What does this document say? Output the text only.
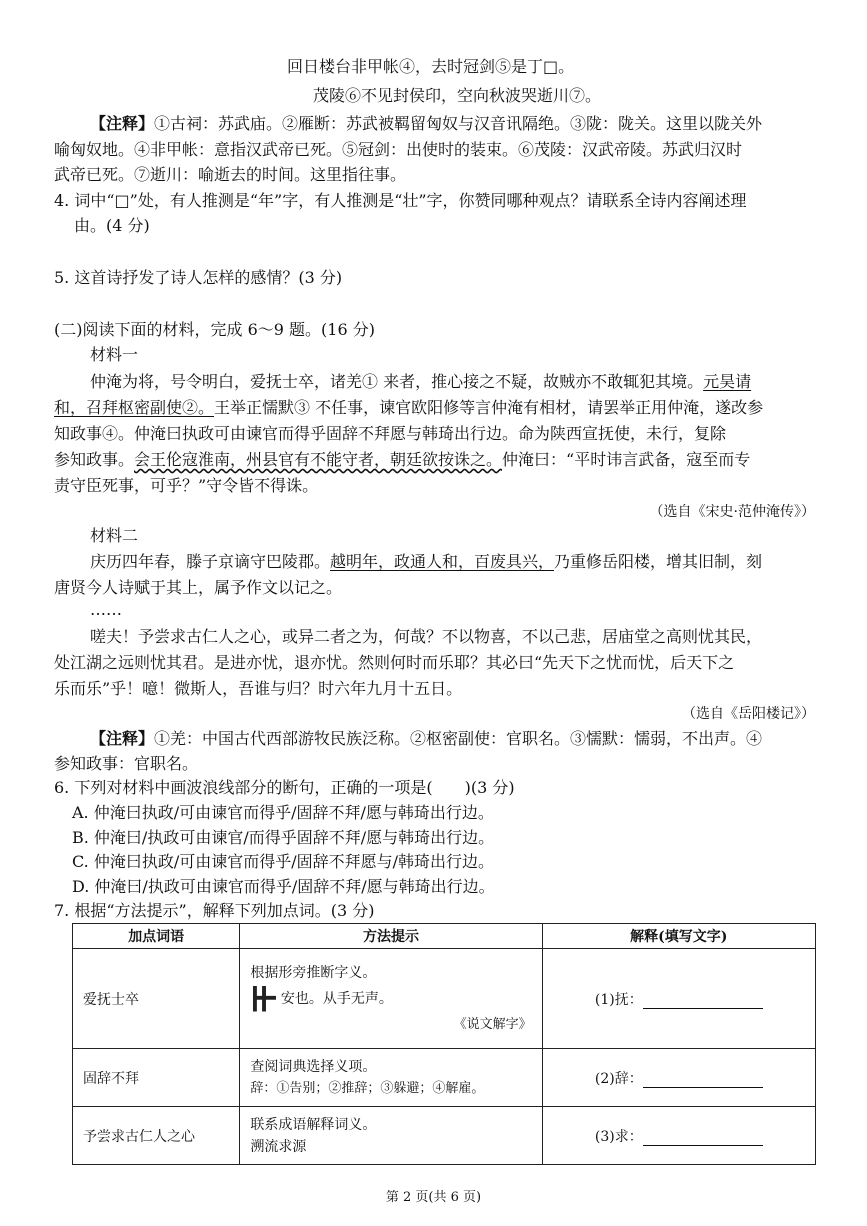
回日楼台非甲帐④，去时冠剑⑤是丁□。
茂陵⑥不见封侯印，空向秋波哭逝川⑦。
【注释】①古祠：苏武庙。②雁断：苏武被羁留匈奴与汉音讯隔绝。③陇：陇关。这里以陇关外
喻匈奴地。④非甲帐：意指汉武帝已死。⑤冠剑：出使时的装束。⑥茂陵：汉武帝陵。苏武归汉时
武帝已死。⑦逝川：喻逝去的时间。这里指往事。
4. 词中“□”处，有人推测是“年”字，有人推测是“壮”字，你赞同哪种观点？请联系全诗内容阐述理
由。(4 分)
5. 这首诗抒发了诗人怎样的感情？(3 分)
(二)阅读下面的材料，完成 6～9 题。(16 分)
材料一
仲淹为将，号令明白，爱抚士卒，诸羌① 来者，推心接之不疑，故贼亦不敢辄犯其境。元昊请
和，召拜枢密副使②。王举正懦默③ 不任事，谏官欧阳修等言仲淹有相材，请罢举正用仲淹，遂改参
知政事④。仲淹曰执政可由谏官而得乎固辞不拜愿与韩琦出行边。命为陕西宣抚使，未行，复除
参知政事。会王伦寇淮南，州县官有不能守者，朝廷欲按诛之。仲淹曰：“平时讳言武备，寇至而专
责守臣死事，可乎？”守令皆不得诛。
（选自《宋史·范仲淹传》）
材料二
庆历四年春，滕子京谪守巴陵郡。越明年，政通人和，百废具兴，乃重修岳阳楼，增其旧制，刻
唐贤今人诗赋于其上，属予作文以记之。
……
嗟夫！予尝求古仁人之心，或异二者之为，何哉？不以物喜，不以己悲，居庙堂之高则忧其民，
处江湖之远则忧其君。是进亦忧，退亦忧。然则何时而乐耶？其必曰“先天下之忧而忧，后天下之
乐而乐”乎！噫！微斯人，吾谁与归？时六年九月十五日。
（选自《岳阳楼记》）
【注释】①羌：中国古代西部游牧民族泛称。②枢密副使：官职名。③懦默：懦弱，不出声。④
参知政事：官职名。
6. 下列对材料中画波浪线部分的断句，正确的一项是(　　)(3 分)
A. 仲淹曰执政/可由谏官而得乎/固辞不拜/愿与韩琦出行边。
B. 仲淹曰/执政可由谏官/而得乎固辞不拜/愿与韩琦出行边。
C. 仲淹曰执政/可由谏官而得乎/固辞不拜愿与/韩琦出行边。
D. 仲淹曰/执政可由谏官而得乎/固辞不拜/愿与韩琦出行边。
7. 根据“方法提示”，解释下列加点词。(3 分)
加点词语	方法提示	解释(填写文字)
爱抚士卒	根据形旁推断字义。
安也。从手无声。
《说文解字》	(1)抚：
固辞不拜	查阅词典选择义项。
辞：①告别；②推辞；③躲避；④解雇。	(2)辞：
予尝求古仁人之心	联系成语解释词义。
溯流求源	(3)求：
第 2 页(共 6 页)
